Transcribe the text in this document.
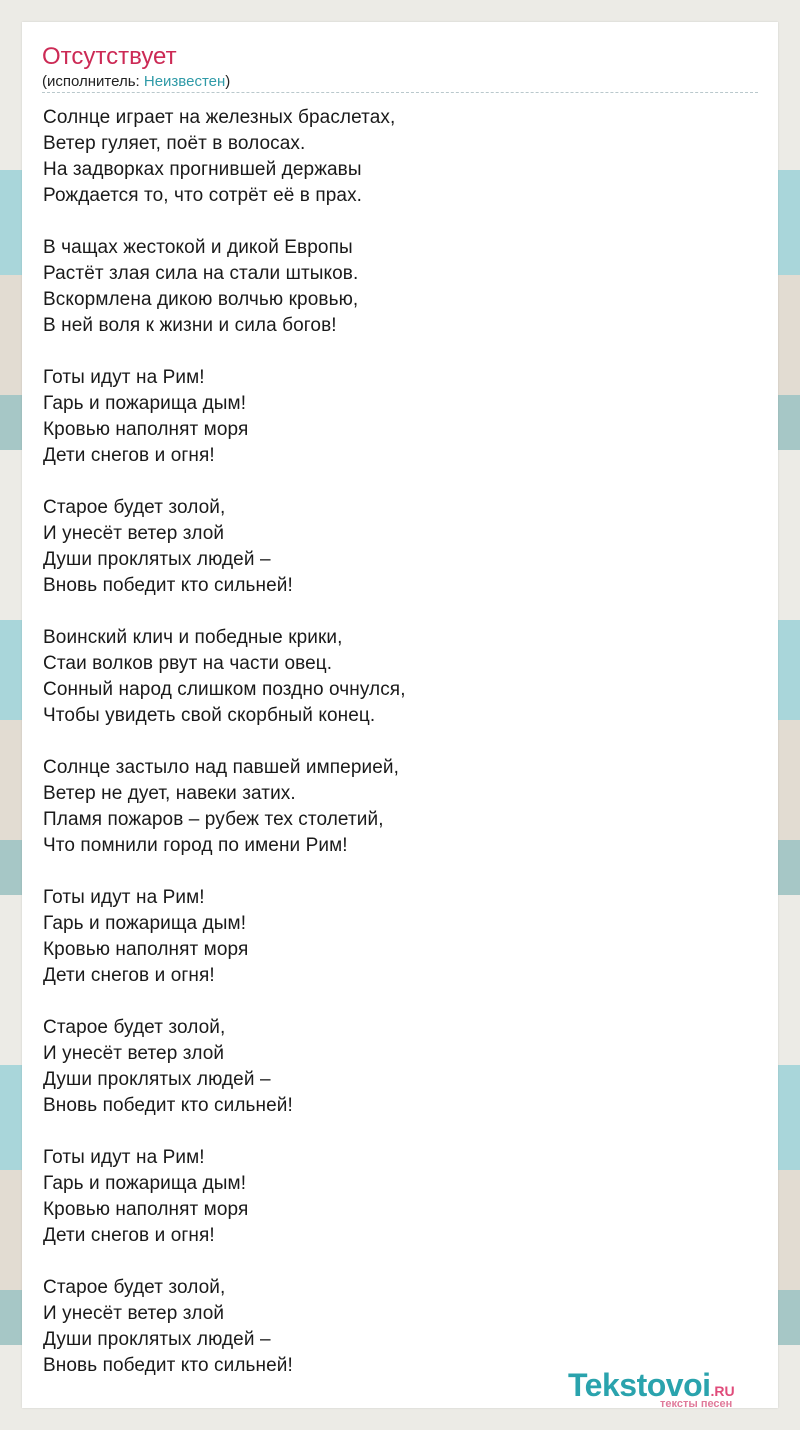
Отсутствует
(исполнитель: Неизвестен)
Солнце играет на железных браслетах,
Ветер гуляет, поёт в волосах.
На задворках прогнившей державы
Рождается то, что сотрёт её в прах.
В чащах жестокой и дикой Европы
Растёт злая сила на стали штыков.
Вскормлена дикою волчью кровью,
В ней воля к жизни и сила богов!
Готы идут на Рим!
Гарь и пожарища дым!
Кровью наполнят моря
Дети снегов и огня!
Старое будет золой,
И унесёт ветер злой
Души проклятых людей –
Вновь победит кто сильней!
Воинский клич и победные крики,
Стаи волков рвут на части овец.
Сонный народ слишком поздно очнулся,
Чтобы увидеть свой скорбный конец.
Солнце застыло над павшей империей,
Ветер не дует, навеки затих.
Пламя пожаров – рубеж тех столетий,
Что помнили город по имени Рим!
Готы идут на Рим!
Гарь и пожарища дым!
Кровью наполнят моря
Дети снегов и огня!
Старое будет золой,
И унесёт ветер злой
Души проклятых людей –
Вновь победит кто сильней!
Готы идут на Рим!
Гарь и пожарища дым!
Кровью наполнят моря
Дети снегов и огня!
Старое будет золой,
И унесёт ветер злой
Души проклятых людей –
Вновь победит кто сильней!
Tekstovoi.RU
тексты песен
